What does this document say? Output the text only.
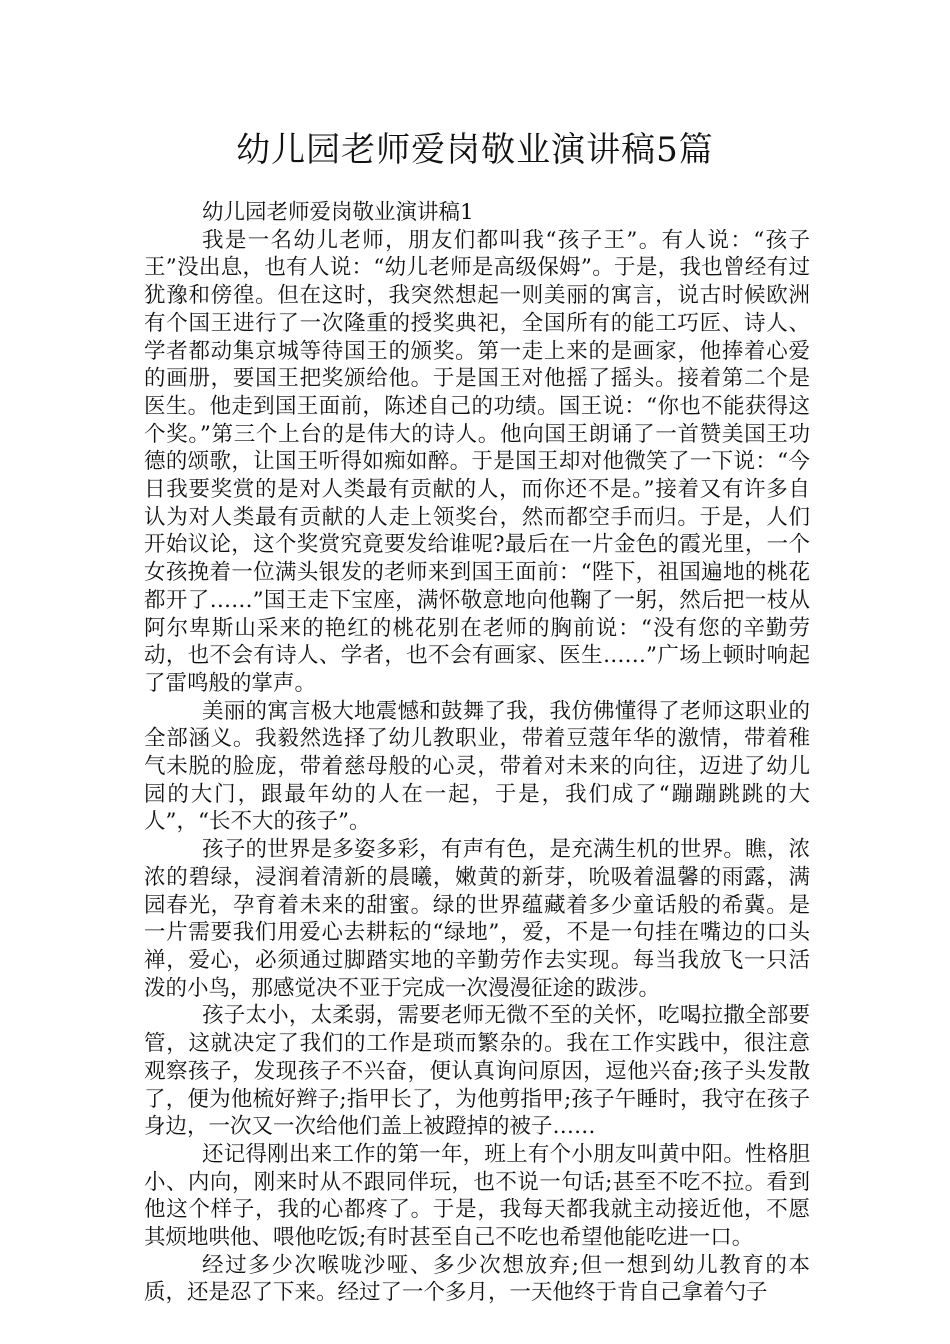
幼儿园老师爱岗敬业演讲稿5篇
幼儿园老师爱岗敬业演讲稿1

我是一名幼儿老师，朋友们都叫我“孩子王”。有人说：“孩子王”没出息，也有人说：“幼儿老师是高级保姆”。于是，我也曾经有过犹豫和傍徨。但在这时，我突然想起一则美丽的寓言，说古时候欧洲有个国王进行了一次隆重的授奖典祀，全国所有的能工巧匠、诗人、学者都动集京城等待国王的颁奖。第一走上来的是画家，他捧着心爱的画册，要国王把奖颁给他。于是国王对他摇了摇头。接着第二个是医生。他走到国王面前，陈述自己的功绩。国王说：“你也不能获得这个奖。”第三个上台的是伟大的诗人。他向国王朗诵了一首赞美国王功德的颂歌，让国王听得如痴如醉。于是国王却对他微笑了一下说：“今日我要奖赏的是对人类最有贡献的人，而你还不是。”接着又有许多自认为对人类最有贡献的人走上领奖台，然而都空手而归。于是，人们开始议论，这个奖赏究竟要发给谁呢?最后在一片金色的霞光里，一个女孩挽着一位满头银发的老师来到国王面前：“陛下，祖国遍地的桃花都开了……”国王走下宝座，满怀敬意地向他鞠了一躬，然后把一枝从阿尔卑斯山采来的艳红的桃花别在老师的胸前说：“没有您的辛勤劳动，也不会有诗人、学者，也不会有画家、医生……”广场上顿时响起了雷鸣般的掌声。

美丽的寓言极大地震憾和鼓舞了我，我仿佛懂得了老师这职业的全部涵义。我毅然选择了幼儿教职业，带着豆蔻年华的激情，带着稚气未脱的脸庞，带着慈母般的心灵，带着对未来的向往，迈进了幼儿园的大门，跟最年幼的人在一起，于是，我们成了“蹦蹦跳跳的大人”，“长不大的孩子”。

孩子的世界是多姿多彩，有声有色，是充满生机的世界。瞧，浓浓的碧绿，浸润着清新的晨曦，嫩黄的新芽，吮吸着温馨的雨露，满园春光，孕育着未来的甜蜜。绿的世界蕴藏着多少童话般的希冀。是一片需要我们用爱心去耕耘的“绿地”，爱，不是一句挂在嘴边的口头禅，爱心，必须通过脚踏实地的辛勤劳作去实现。每当我放飞一只活泼的小鸟，那感觉决不亚于完成一次漫漫征途的跋涉。

孩子太小，太柔弱，需要老师无微不至的关怀，吃喝拉撒全部要管，这就决定了我们的工作是琐而繁杂的。我在工作实践中，很注意观察孩子，发现孩子不兴奋，便认真询问原因，逗他兴奋;孩子头发散了，便为他梳好辫子;指甲长了，为他剪指甲;孩子午睡时，我守在孩子身边，一次又一次给他们盖上被蹬掉的被子……

还记得刚出来工作的第一年，班上有个小朋友叫黄中阳。性格胆小、内向，刚来时从不跟同伴玩，也不说一句话;甚至不吃不拉。看到他这个样子，我的心都疼了。于是，我每天都我就主动接近他，不愿其烦地哄他、喂他吃饭;有时甚至自己不吃也希望他能吃进一口。

经过多少次喉咙沙哑、多少次想放弃;但一想到幼儿教育的本质，还是忍了下来。经过了一个多月，一天他终于肯自己拿着勺子
